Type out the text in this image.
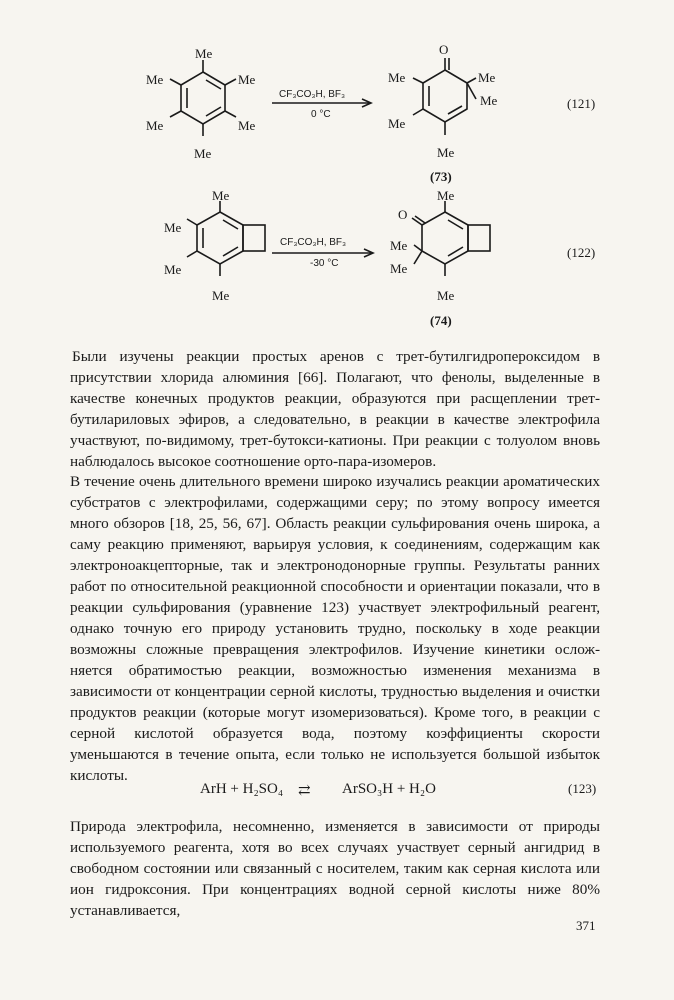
Me
Me
Me
Me
Me
Me
CF₃CO₃H, BF₃
0 °C
O
Me	Me
Me
Me
Me
(73)
(121)
Me
Me
Me
Me
CF₃CO₃H, BF₃
-30 °C
O
Me
Me
Me
Me
(74)
(122)

Были изучены реакции простых аренов с трет-бутилгидропероксидом в присутствии хлорида алюминия [66]. Полагают, что фенолы, выделенные в качестве конечных продуктов реакции, образуются при расщеплении трет-бутилариловых эфиров, а следовательно, в реакции в качестве электрофила участвуют, по-видимому, трет-бутокси-катионы. При реакции с толуолом вновь наблюдалось высокое соотношение орто-пара-изомеров.

В течение очень длительного времени широко изучались реакции ароматических субстратов с электрофилами, содержащими серу; по этому вопросу имеется много обзоров [18, 25, 56, 67]. Область реакции сульфирования очень широка, а саму реакцию применяют, варьируя условия, к соединениям, содержащим как электроноакцепторные, так и электронодонорные группы. Результаты ранних работ по относительной реакционной способности и ориентации показали, что в реакции сульфирования (уравнение 123) участвует электрофильный реагент, однако точную его природу установить трудно, поскольку в ходе реакции возможны сложные превращения электрофилов. Изучение кинетики осложняется обратимостью реакции, возможностью изменения механизма в зависимости от концентрации серной кислоты, трудностью выделения и очистки продуктов реакции (которые могут изомеризоваться). Кроме того, в реакции с серной кислотой образуется вода, поэтому коэффициенты скорости уменьшаются в течение опыта, если только не используется большой избыток кислоты.

ArH + H₂SO₄ ⇄ ArSO₃H + H₂O	(123)

Природа электрофила, несомненно, изменяется в зависимости от природы используемого реагента, хотя во всех случаях участвует серный ангидрид в свободном состоянии или связанный с носителем, таким как серная кислота или ион гидроксония. При концентрациях водной серной кислоты ниже 80% устанавливается,

371
